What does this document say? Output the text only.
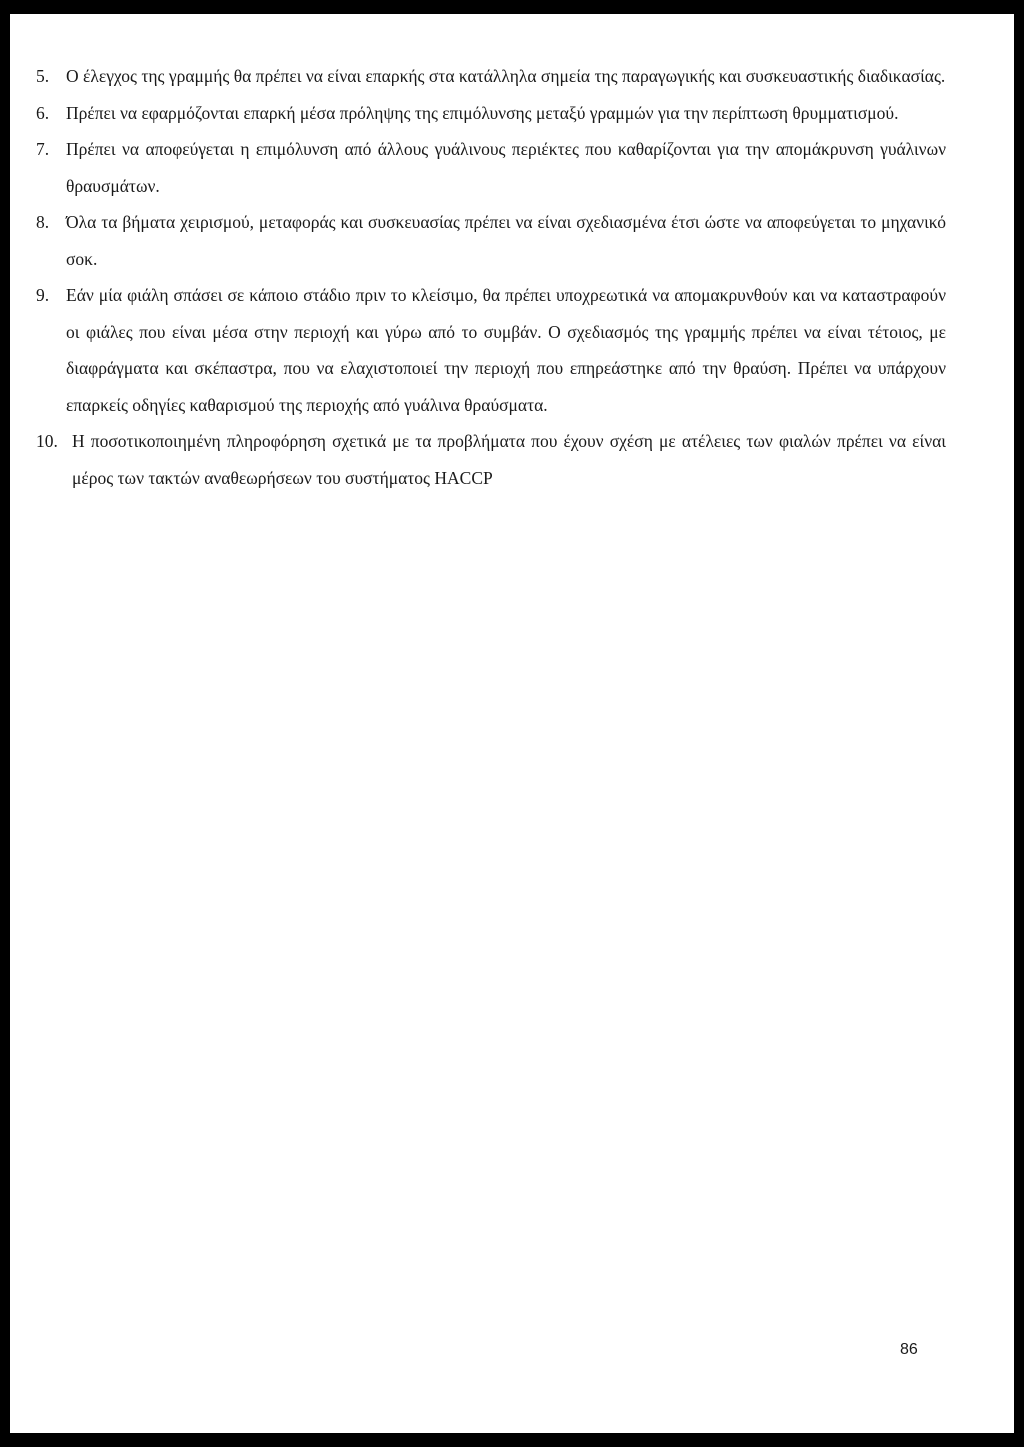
5. Ο έλεγχος της γραμμής θα πρέπει να είναι επαρκής στα κατάλληλα σημεία της παραγωγικής και συσκευαστικής διαδικασίας.
6. Πρέπει να εφαρμόζονται επαρκή μέσα πρόληψης της επιμόλυνσης μεταξύ γραμμών για την περίπτωση θρυμματισμού.
7. Πρέπει να αποφεύγεται η επιμόλυνση από άλλους γυάλινους περιέκτες που καθαρίζονται για την απομάκρυνση γυάλινων θραυσμάτων.
8. Όλα τα βήματα χειρισμού, μεταφοράς και συσκευασίας πρέπει να είναι σχεδιασμένα έτσι ώστε να αποφεύγεται το μηχανικό σοκ.
9. Εάν μία φιάλη σπάσει σε κάποιο στάδιο πριν το κλείσιμο, θα πρέπει υποχρεωτικά να απομακρυνθούν και να καταστραφούν οι φιάλες που είναι μέσα στην περιοχή και γύρω από το συμβάν. Ο σχεδιασμός της γραμμής πρέπει να είναι τέτοιος, με διαφράγματα και σκέπαστρα, που να ελαχιστοποιεί την περιοχή που επηρεάστηκε από την θραύση. Πρέπει να υπάρχουν επαρκείς οδηγίες καθαρισμού της περιοχής από γυάλινα θραύσματα.
10. Η ποσοτικοποιημένη πληροφόρηση σχετικά με τα προβλήματα που έχουν σχέση με ατέλειες των φιαλών πρέπει να είναι μέρος των τακτών αναθεωρήσεων του συστήματος HACCP
86
